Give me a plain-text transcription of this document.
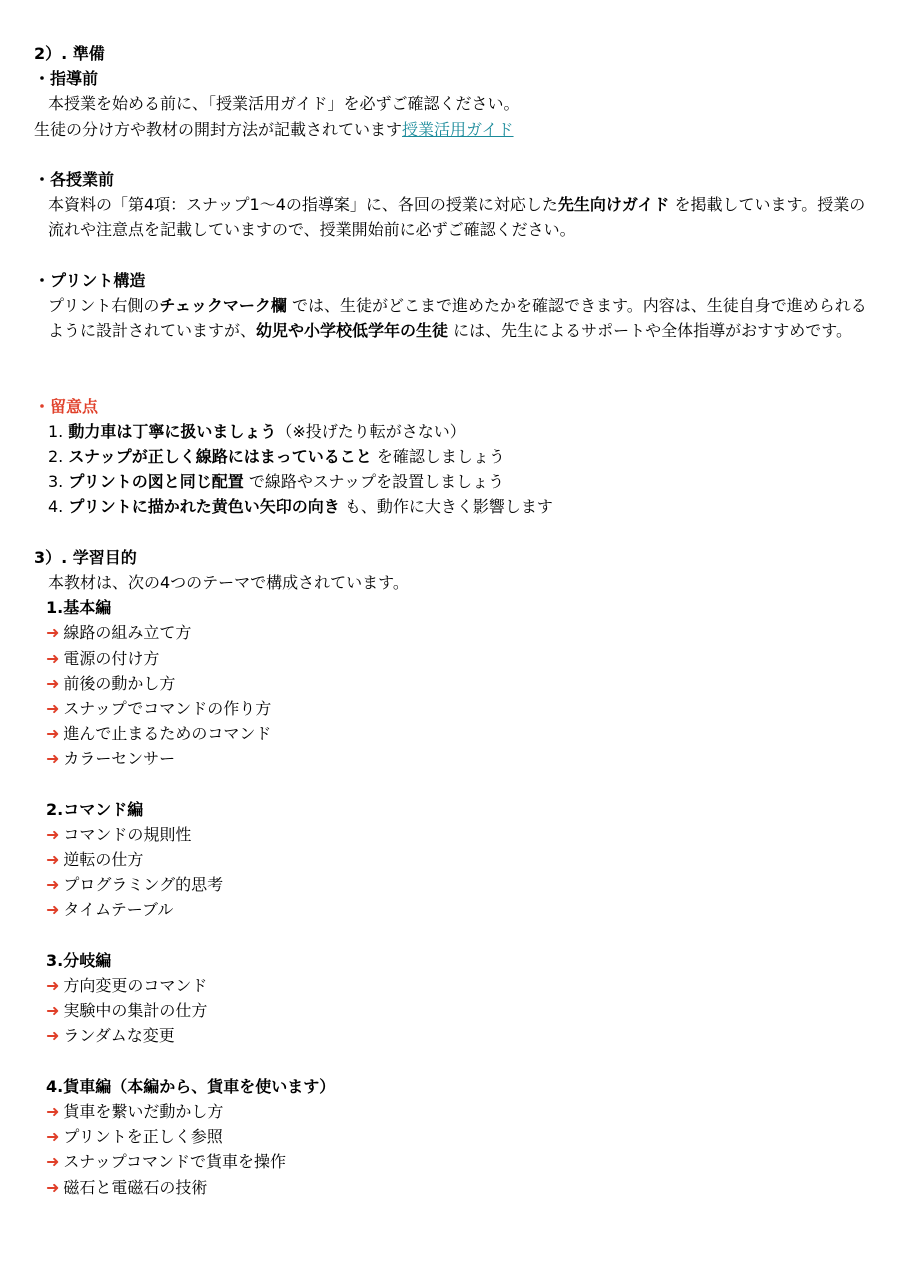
2）. 準備
・指導前
本授業を始める前に、「授業活用ガイド」を必ずご確認ください。
生徒の分け方や教材の開封方法が記載されています授業活用ガイド
・各授業前
本資料の「第4項：スナップ1～4の指導案」に、各回の授業に対応した先生向けガイド を掲載しています。授業の流れや注意点を記載していますので、授業開始前に必ずご確認ください。
・プリント構造
プリント右側のチェックマーク欄 では、生徒がどこまで進めたかを確認できます。内容は、生徒自身で進められるように設計されていますが、幼児や小学校低学年の生徒 には、先生によるサポートや全体指導がおすすめです。
・留意点
1. 動力車は丁寧に扱いましょう（※投げたり転がさない）
2. スナップが正しく線路にはまっていること を確認しましょう
3. プリントの図と同じ配置 で線路やスナップを設置しましょう
4. プリントに描かれた黄色い矢印の向き も、動作に大きく影響します
3）. 学習目的
本教材は、次の4つのテーマで構成されています。
1.基本編
➜ 線路の組み立て方
➜ 電源の付け方
➜ 前後の動かし方
➜ スナップでコマンドの作り方
➜ 進んで止まるためのコマンド
➜ カラーセンサー
2.コマンド編
➜ コマンドの規則性
➜ 逆転の仕方
➜ プログラミング的思考
➜ タイムテーブル
3.分岐編
➜ 方向変更のコマンド
➜ 実験中の集計の仕方
➜ ランダムな変更
4.貨車編（本編から、貨車を使います）
➜ 貨車を繋いだ動かし方
➜ プリントを正しく参照
➜ スナップコマンドで貨車を操作
➜ 磁石と電磁石の技術
